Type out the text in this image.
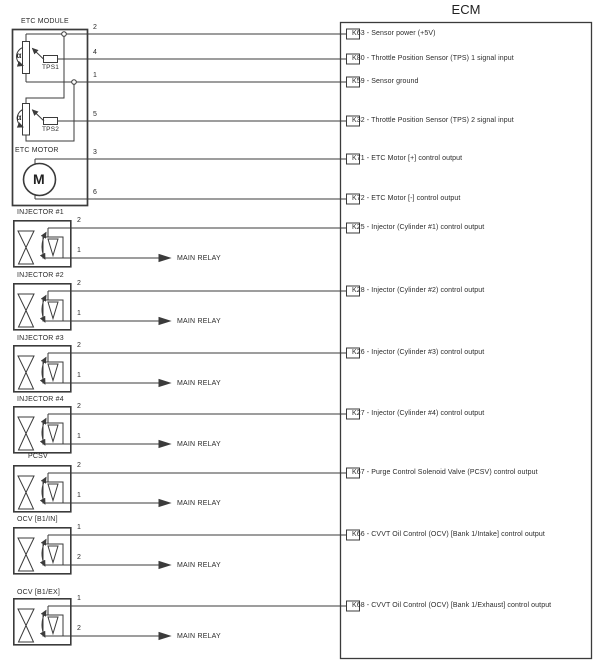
ECM
ETC MODULE
α
α
TPS1
TPS2
ETC MOTOR
M
2
4
1
5
3
6
INJECTOR #1
2
1
MAIN RELAY
INJECTOR #2
2
1
MAIN RELAY
INJECTOR #3
2
1
MAIN RELAY
INJECTOR #4
2
1
MAIN RELAY
PCSV
2
1
MAIN RELAY
OCV [B1/IN]
1
2
MAIN RELAY
OCV [B1/EX]
1
2
MAIN RELAY
K63 - Sensor power (+5V)
K80 - Throttle Position Sensor (TPS) 1 signal input
K59 - Sensor ground
K32 - Throttle Position Sensor (TPS) 2 signal input
K71 - ETC Motor [+] control output
K72 - ETC Motor [-] control output
K25 - Injector (Cylinder #1) control output
K28 - Injector (Cylinder #2) control output
K26 - Injector (Cylinder #3) control output
K27 - Injector (Cylinder #4) control output
K67 - Purge Control Solenoid Valve (PCSV) control output
K66 - CVVT Oil Control (OCV) [Bank 1/Intake] control output
K68 - CVVT Oil Control (OCV) [Bank 1/Exhaust] control output
